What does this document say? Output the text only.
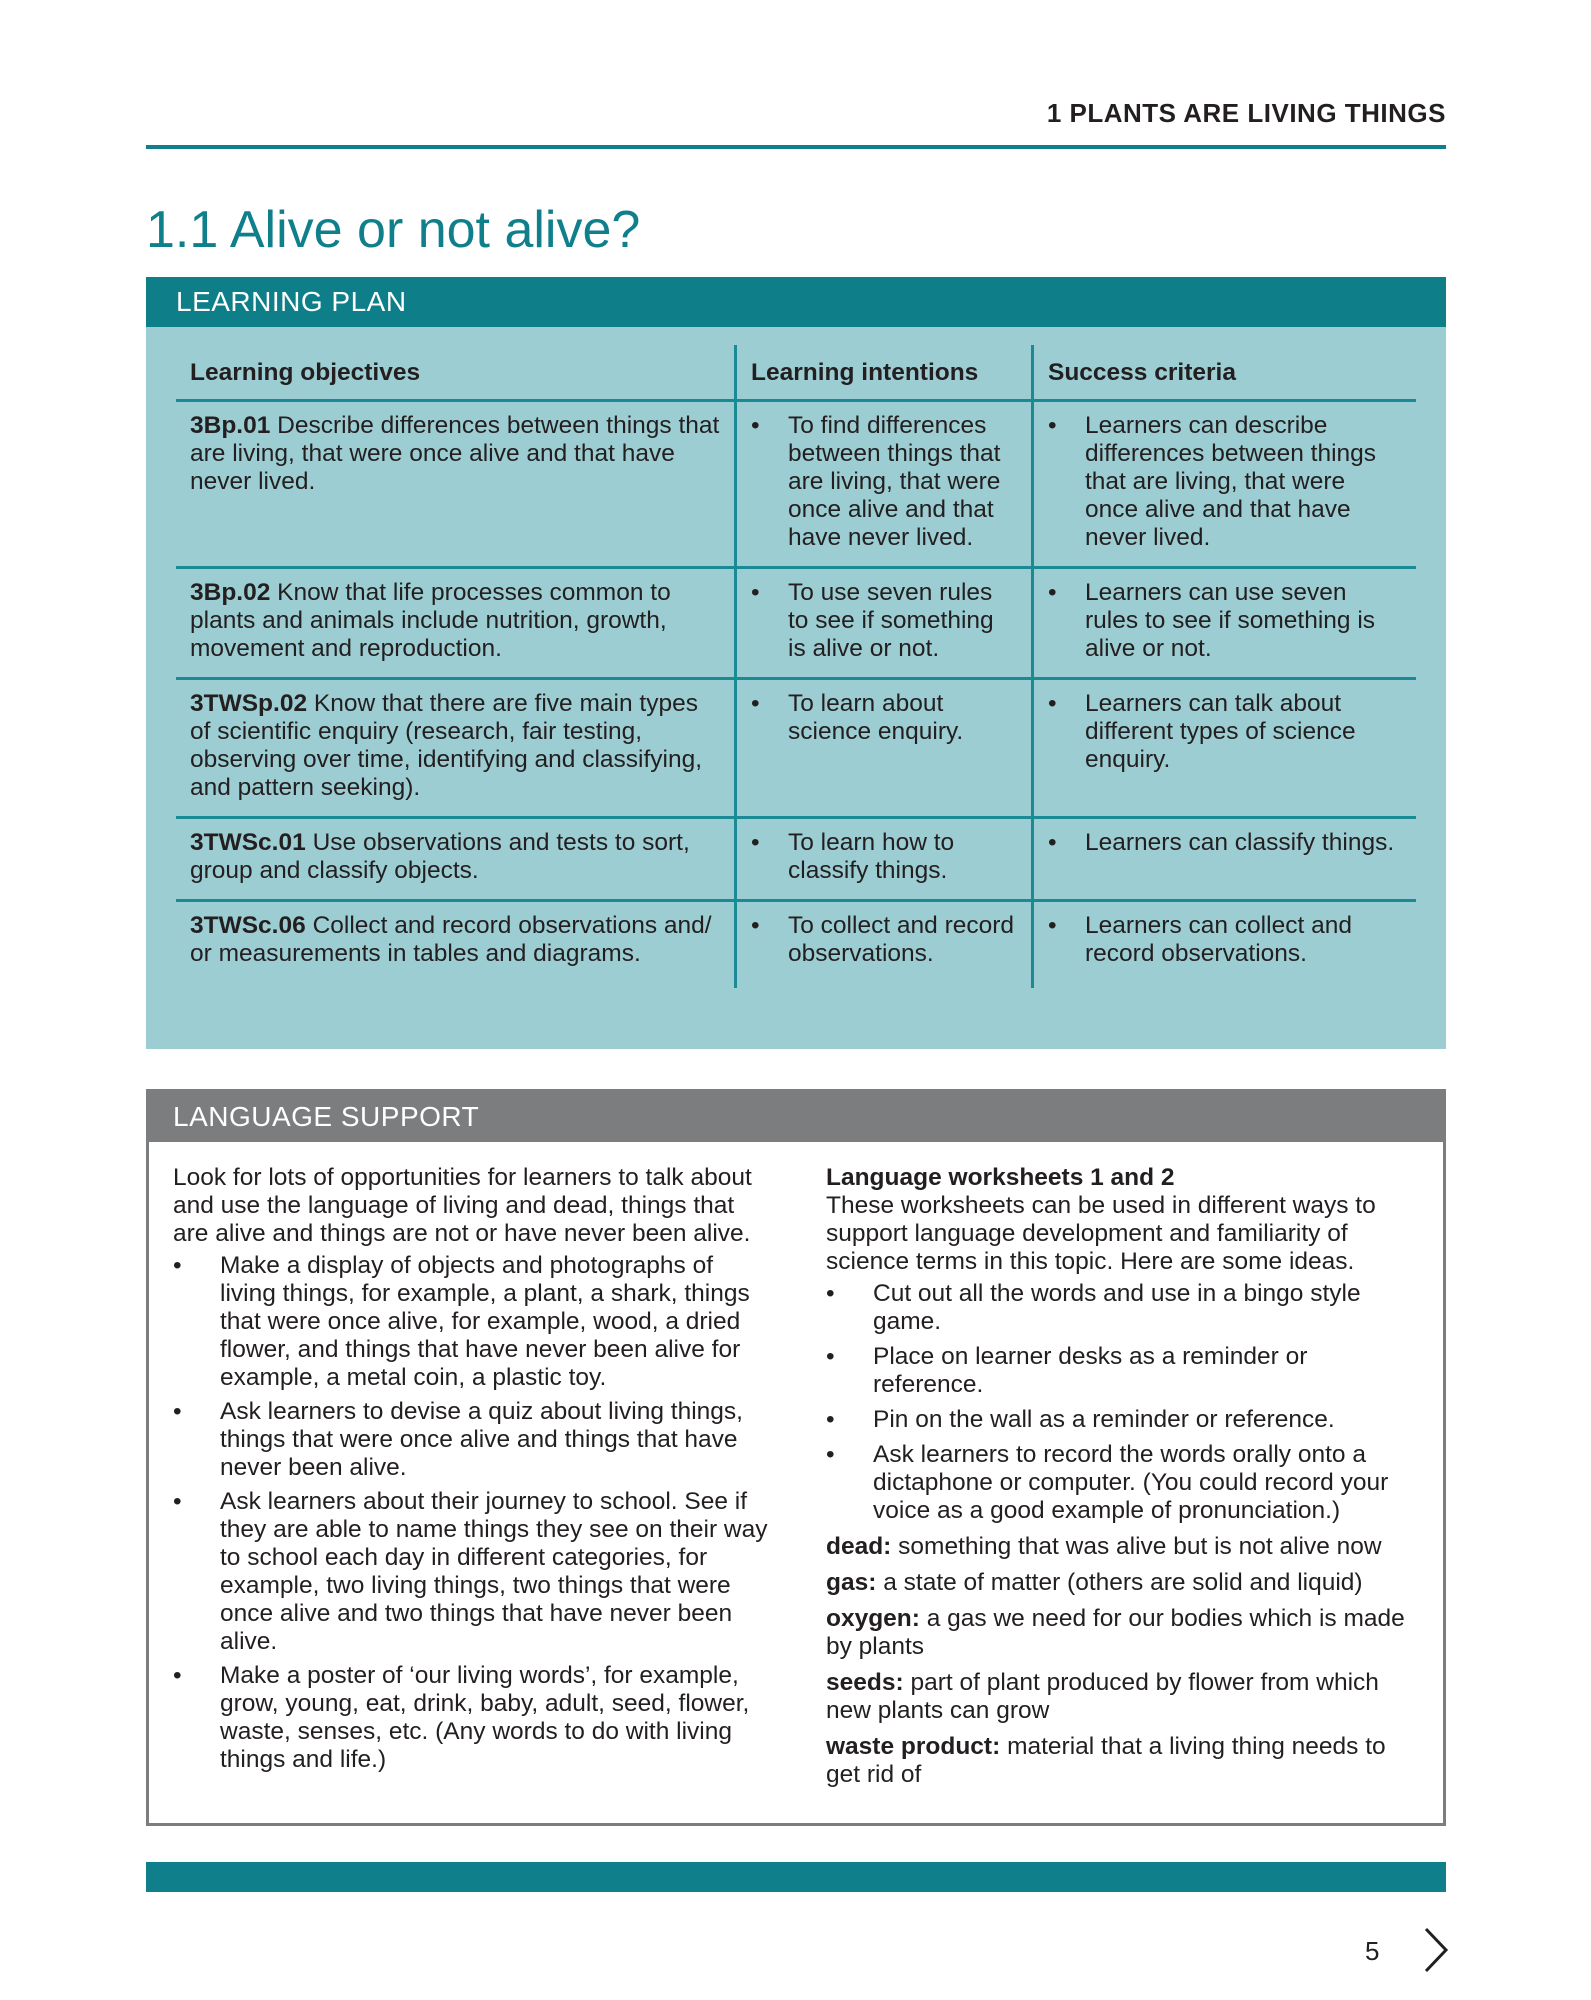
1 PLANTS ARE LIVING THINGS
1.1 Alive or not alive?
LEARNING PLAN
Learning objectives	Learning intentions	Success criteria
3Bp.01 Describe differences between things that are living, that were once alive and that have never lived.	• To find differences between things that are living, that were once alive and that have never lived.	• Learners can describe differences between things that are living, that were once alive and that have never lived.

3Bp.02 Know that life processes common to plants and animals include nutrition, growth, movement and reproduction.	• To use seven rules to see if something is alive or not.	• Learners can use seven rules to see if something is alive or not.

3TWSp.02 Know that there are five main types of scientific enquiry (research, fair testing, observing over time, identifying and classifying, and pattern seeking).	• To learn about science enquiry.	• Learners can talk about different types of science enquiry.

3TWSc.01 Use observations and tests to sort, group and classify objects.	• To learn how to classify things.	• Learners can classify things.

3TWSc.06 Collect and record observations and/ or measurements in tables and diagrams.	• To collect and record observations.	• Learners can collect and record observations.
LANGUAGE SUPPORT

Look for lots of opportunities for learners to talk about and use the language of living and dead, things that are alive and things are not or have never been alive.

•	Make a display of objects and photographs of living things, for example, a plant, a shark, things that were once alive, for example, wood, a dried flower, and things that have never been alive for example, a metal coin, a plastic toy.
•	Ask learners to devise a quiz about living things, things that were once alive and things that have never been alive.
•	Ask learners about their journey to school. See if they are able to name things they see on their way to school each day in different categories, for example, two living things, two things that were once alive and two things that have never been alive.
•	Make a poster of ‘our living words’, for example, grow, young, eat, drink, baby, adult, seed, flower, waste, senses, etc. (Any words to do with living things and life.)

Language worksheets 1 and 2

These worksheets can be used in different ways to support language development and familiarity of science terms in this topic. Here are some ideas.

•	Cut out all the words and use in a bingo style game.
•	Place on learner desks as a reminder or reference.
•	Pin on the wall as a reminder or reference.
•	Ask learners to record the words orally onto a dictaphone or computer. (You could record your voice as a good example of pronunciation.)

dead: something that was alive but is not alive now

gas: a state of matter (others are solid and liquid)

oxygen: a gas we need for our bodies which is made by plants

seeds: part of plant produced by flower from which new plants can grow

waste product: material that a living thing needs to get rid of

5
